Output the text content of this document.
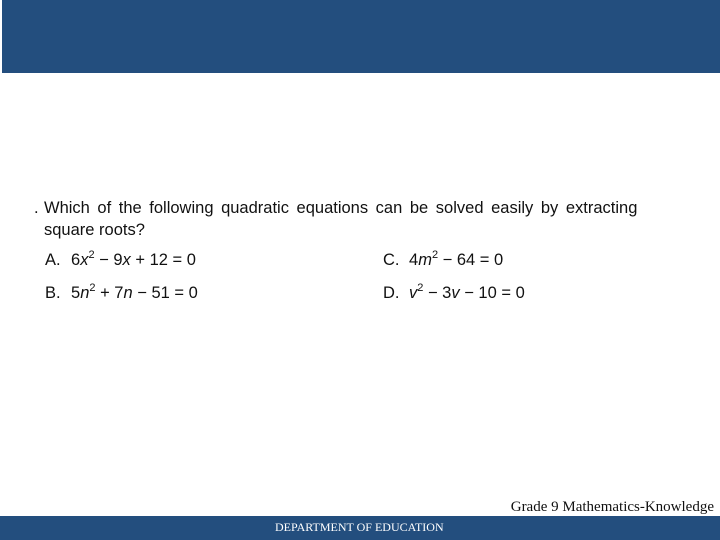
. Which of the following quadratic equations can be solved easily by extracting
square roots?
A. $6x^2 - 9x + 12 = 0$
B. $5n^2 + 7n - 51 = 0$
C. $4m^2 - 64 = 0$
D. $v^2 - 3v - 10 = 0$
Grade 9 Mathematics-Knowledge
DEPARTMENT OF EDUCATION
